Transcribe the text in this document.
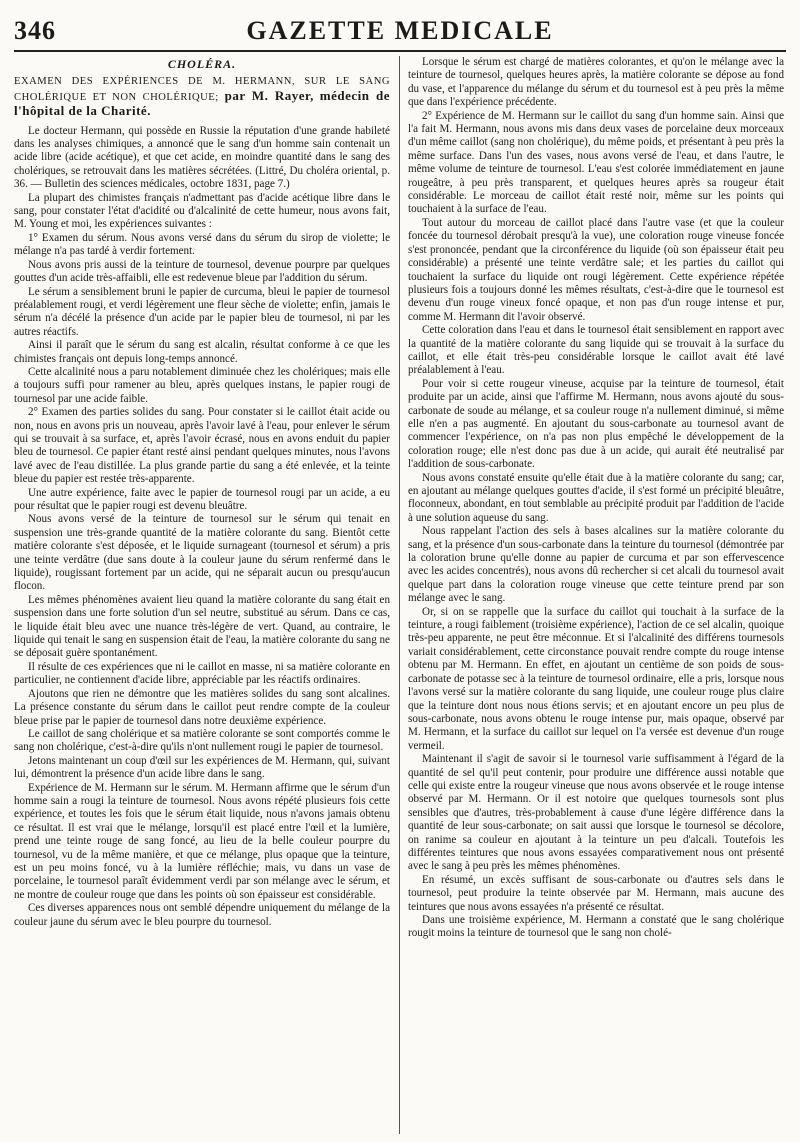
346	GAZETTE MEDICALE
CHOLÉRA.

EXAMEN DES EXPÉRIENCES DE M. HERMANN, SUR LE SANG CHOLÉRIQUE ET NON CHOLÉRIQUE; par M. Rayer, médecin de l'hôpital de la Charité.

Le docteur Hermann, qui possède en Russie la réputation d'une grande habileté dans les analyses chimiques, a annoncé que le sang d'un homme sain contenait un acide libre (acide acétique), et que cet acide, en moindre quantité dans le sang des cholériques, se retrouvait dans les matières sécrétées. (Littré, Du choléra oriental, p. 36. — Bulletin des sciences médicales, octobre 1831, page 7.)

La plupart des chimistes français n'admettant pas d'acide acétique libre dans le sang, pour constater l'état d'acidité ou d'alcalinité de cette humeur, nous avons fait, M. Young et moi, les expériences suivantes :

1° Examen du sérum. Nous avons versé dans du sérum du sirop de violette; le mélange n'a pas tardé à verdir fortement.

Nous avons pris aussi de la teinture de tournesol, devenue pourpre par quelques gouttes d'un acide très-affaibli, elle est redevenue bleue par l'addition du sérum.

Le sérum a sensiblement bruni le papier de curcuma, bleui le papier de tournesol préalablement rougi, et verdi légèrement une fleur sèche de violette; enfin, jamais le sérum n'a décélé la présence d'un acide par le papier bleu de tournesol, ni par les autres réactifs.

Ainsi il paraît que le sérum du sang est alcalin, résultat conforme à ce que les chimistes français ont depuis long-temps annoncé.

Cette alcalinité nous a paru notablement diminuée chez les cholériques; mais elle a toujours suffi pour ramener au bleu, après quelques instans, le papier rougi de tournesol par une acide faible.

2° Examen des parties solides du sang. Pour constater si le caillot était acide ou non, nous en avons pris un nouveau, après l'avoir lavé à l'eau, pour enlever le sérum qui se trouvait à sa surface, et, après l'avoir écrasé, nous en avons enduit du papier bleu de tournesol. Ce papier étant resté ainsi pendant quelques minutes, nous l'avons lavé avec de l'eau distillée. La plus grande partie du sang a été enlevée, et la teinte bleue du papier est restée très-apparente.

Une autre expérience, faite avec le papier de tournesol rougi par un acide, a eu pour résultat que le papier rougi est devenu bleuâtre.

Nous avons versé de la teinture de tournesol sur le sérum qui tenait en suspension une très-grande quantité de la matière colorante du sang. Bientôt cette matière colorante s'est déposée, et le liquide surnageant (tournesol et sérum) a pris une teinte verdâtre (due sans doute à la couleur jaune du sérum renfermé dans le liquide), rougissant fortement par un acide, qui ne séparait aucun ou presqu'aucun flocon.

Les mêmes phénomènes avaient lieu quand la matière colorante du sang était en suspension dans une forte solution d'un sel neutre, substitué au sérum. Dans ce cas, le liquide était bleu avec une nuance très-légère de vert. Quand, au contraire, le liquide qui tenait le sang en suspension était de l'eau, la matière colorante du sang ne se déposait guère spontanément.

Il résulte de ces expériences que ni le caillot en masse, ni sa matière colorante en particulier, ne contiennent d'acide libre, appréciable par les réactifs ordinaires.

Ajoutons que rien ne démontre que les matières solides du sang sont alcalines. La présence constante du sérum dans le caillot peut rendre compte de la couleur bleue prise par le papier de tournesol dans notre deuxième expérience.

Le caillot de sang cholérique et sa matière colorante se sont comportés comme le sang non cholérique, c'est-à-dire qu'ils n'ont nullement rougi le papier de tournesol.

Jetons maintenant un coup d'œil sur les expériences de M. Hermann, qui, suivant lui, démontrent la présence d'un acide libre dans le sang.

Expérience de M. Hermann sur le sérum. M. Hermann affirme que le sérum d'un homme sain a rougi la teinture de tournesol. Nous avons répété plusieurs fois cette expérience, et toutes les fois que le sérum était liquide, nous n'avons jamais obtenu ce résultat. Il est vrai que le mélange, lorsqu'il est placé entre l'œil et la lumière, prend une teinte rouge de sang foncé, au lieu de la belle couleur pourpre du tournesol, vu de la même manière, et que ce mélange, plus opaque que la teinture, est un peu moins foncé, vu à la lumière réfléchie; mais, vu dans un vase de porcelaine, le tournesol paraît évidemment verdi par son mélange avec le sérum, et ne montre de couleur rouge que dans les points où son épaisseur est considérable.

Ces diverses apparences nous ont semblé dépendre uniquement du mélange de la couleur jaune du sérum avec le bleu pourpre du tournesol.

Lorsque le sérum est chargé de matières colorantes, et qu'on le mélange avec la teinture de tournesol, quelques heures après, la matière colorante se dépose au fond du vase, et l'apparence du mélange du sérum et du tournesol est à peu près la même que dans l'expérience précédente.

2° Expérience de M. Hermann sur le caillot du sang d'un homme sain. Ainsi que l'a fait M. Hermann, nous avons mis dans deux vases de porcelaine deux morceaux d'un même caillot (sang non cholérique), du même poids, et présentant à peu près la même surface. Dans l'un des vases, nous avons versé de l'eau, et dans l'autre, le même volume de teinture de tournesol. L'eau s'est colorée immédiatement en jaune rougeâtre, à peu près transparent, et quelques heures après sa rougeur était considérable. Le morceau de caillot était resté noir, même sur les points qui touchaient à la surface de l'eau.

Tout autour du morceau de caillot placé dans l'autre vase (et que la couleur foncée du tournesol dérobait presqu'à la vue), une coloration rouge vineuse foncée s'est prononcée, pendant que la circonférence du liquide (où son épaisseur était peu considérable) a présenté une teinte verdâtre sale; et les parties du caillot qui touchaient la surface du liquide ont rougi légèrement. Cette expérience répétée plusieurs fois a toujours donné les mêmes résultats, c'est-à-dire que le tournesol est devenu d'un rouge vineux foncé opaque, et non pas d'un rouge intense et pur, comme M. Hermann dit l'avoir observé.

Cette coloration dans l'eau et dans le tournesol était sensiblement en rapport avec la quantité de la matière colorante du sang liquide qui se trouvait à la surface du caillot, et elle était très-peu considérable lorsque le caillot avait été lavé préalablement à l'eau.

Pour voir si cette rougeur vineuse, acquise par la teinture de tournesol, était produite par un acide, ainsi que l'affirme M. Hermann, nous avons ajouté du sous-carbonate de soude au mélange, et sa couleur rouge n'a nullement diminué, si même elle n'en a pas augmenté. En ajoutant du sous-carbonate au tournesol avant de commencer l'expérience, on n'a pas non plus empêché le développement de la coloration rouge; elle n'est donc pas due à un acide, qui aurait été neutralisé par l'addition de sous-carbonate.

Nous avons constaté ensuite qu'elle était due à la matière colorante du sang; car, en ajoutant au mélange quelques gouttes d'acide, il s'est formé un précipité bleuâtre, floconneux, abondant, en tout semblable au précipité produit par l'addition de l'acide à une solution aqueuse du sang.

Nous rappelant l'action des sels à bases alcalines sur la matière colorante du sang, et la présence d'un sous-carbonate dans la teinture du tournesol (démontrée par la coloration brune qu'elle donne au papier de curcuma et par son effervescence avec les acides concentrés), nous avons dû rechercher si cet alcali du tournesol avait quelque part dans la coloration rouge vineuse que cette teinture prend par son mélange avec le sang.

Or, si on se rappelle que la surface du caillot qui touchait à la surface de la teinture, a rougi faiblement (troisième expérience), l'action de ce sel alcalin, quoique très-peu apparente, ne peut être méconnue. Et si l'alcalinité des différens tournesols variait considérablement, cette circonstance pouvait rendre compte du rouge intense obtenu par M. Hermann. En effet, en ajoutant un centième de son poids de sous-carbonate de potasse sec à la teinture de tournesol ordinaire, elle a pris, lorsque nous l'avons versé sur la matière colorante du sang liquide, une couleur rouge plus claire que la teinture dont nous nous étions servis; et en ajoutant encore un peu plus de sous-carbonate, nous avons obtenu le rouge intense pur, mais opaque, observé par M. Hermann, et la surface du caillot sur lequel on l'a versée est devenue d'un rouge vermeil.

Maintenant il s'agit de savoir si le tournesol varie suffisamment à l'égard de la quantité de sel qu'il peut contenir, pour produire une différence aussi notable que celle qui existe entre la rougeur vineuse que nous avons observée et le rouge intense observé par M. Hermann. Or il est notoire que quelques tournesols sont plus sensibles que d'autres, très-probablement à cause d'une légère différence dans la quantité de leur sous-carbonate; on sait aussi que lorsque le tournesol se décolore, on ranime sa couleur en ajoutant à la teinture un peu d'alcali. Toutefois les différentes teintures que nous avons essayées comparativement nous ont présenté avec le sang à peu près les mêmes phénomènes.

En résumé, un excès suffisant de sous-carbonate ou d'autres sels dans le tournesol, peut produire la teinte observée par M. Hermann, mais aucune des teintures que nous avons essayées n'a présenté ce résultat.

Dans une troisième expérience, M. Hermann a constaté que le sang cholérique rougit moins la teinture de tournesol que le sang non cholé-
